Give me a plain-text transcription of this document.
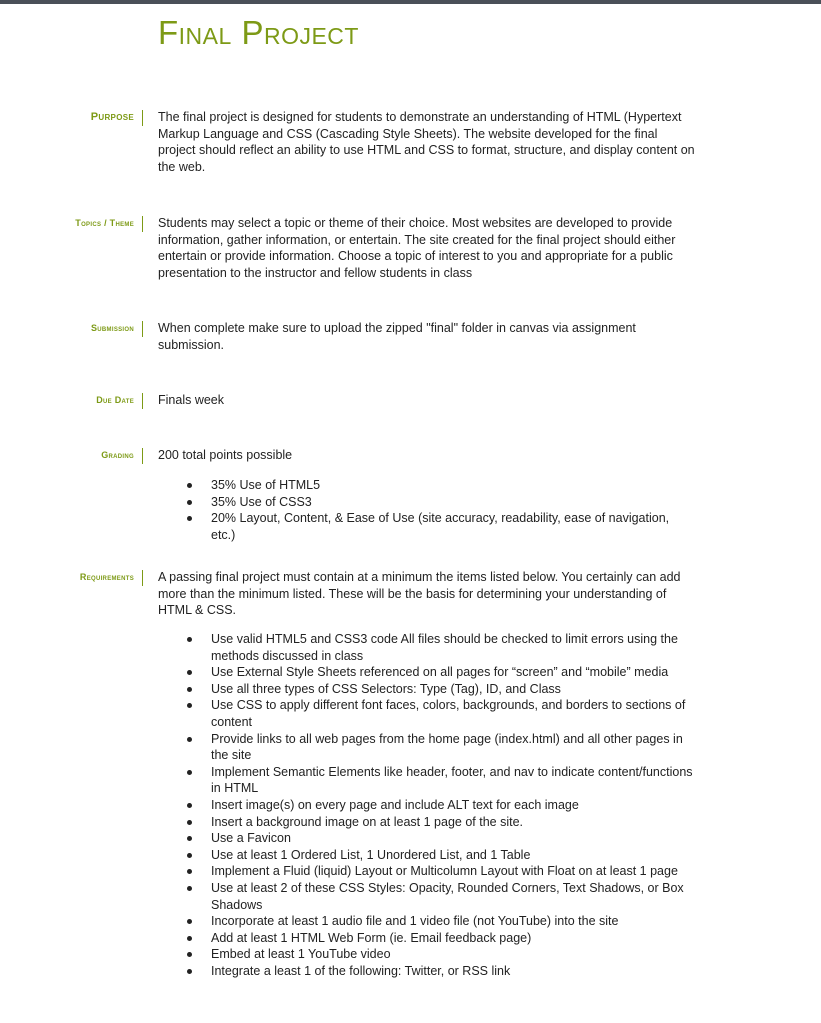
Final Project
Purpose	The final project is designed for students to demonstrate an understanding of HTML (Hypertext Markup Language and CSS (Cascading Style Sheets). The website developed for the final project should reflect an ability to use HTML and CSS to format, structure, and display content on the web.

Topics / Theme	Students may select a topic or theme of their choice. Most websites are developed to provide information, gather information, or entertain. The site created for the final project should either entertain or provide information. Choose a topic of interest to you and appropriate for a public presentation to the instructor and fellow students in class

Submission	When complete make sure to upload the zipped "final" folder in canvas via assignment submission.

Due Date	Finals week

Grading	200 total points possible

35% Use of HTML5
35% Use of CSS3
20% Layout, Content, & Ease of Use (site accuracy, readability, ease of navigation, etc.)
Requirements	A passing final project must contain at a minimum the items listed below. You certainly can add more than the minimum listed. These will be the basis for determining your understanding of HTML & CSS.

Use valid HTML5 and CSS3 code All files should be checked to limit errors using the methods discussed in class
Use External Style Sheets referenced on all pages for “screen” and “mobile” media
Use all three types of CSS Selectors: Type (Tag), ID, and Class
Use CSS to apply different font faces, colors, backgrounds, and borders to sections of content
Provide links to all web pages from the home page (index.html) and all other pages in the site
Implement Semantic Elements like header, footer, and nav to indicate content/functions in HTML
Insert image(s) on every page and include ALT text for each image
Insert a background image on at least 1 page of the site.
Use a Favicon
Use at least 1 Ordered List, 1 Unordered List, and 1 Table
Implement a Fluid (liquid) Layout or Multicolumn Layout with Float on at least 1 page
Use at least 2 of these CSS Styles: Opacity, Rounded Corners, Text Shadows, or Box Shadows
Incorporate at least 1 audio file and 1 video file (not YouTube) into the site
Add at least 1 HTML Web Form (ie. Email feedback page)
Embed at least 1 YouTube video
Integrate a least 1 of the following: Twitter, or RSS link
